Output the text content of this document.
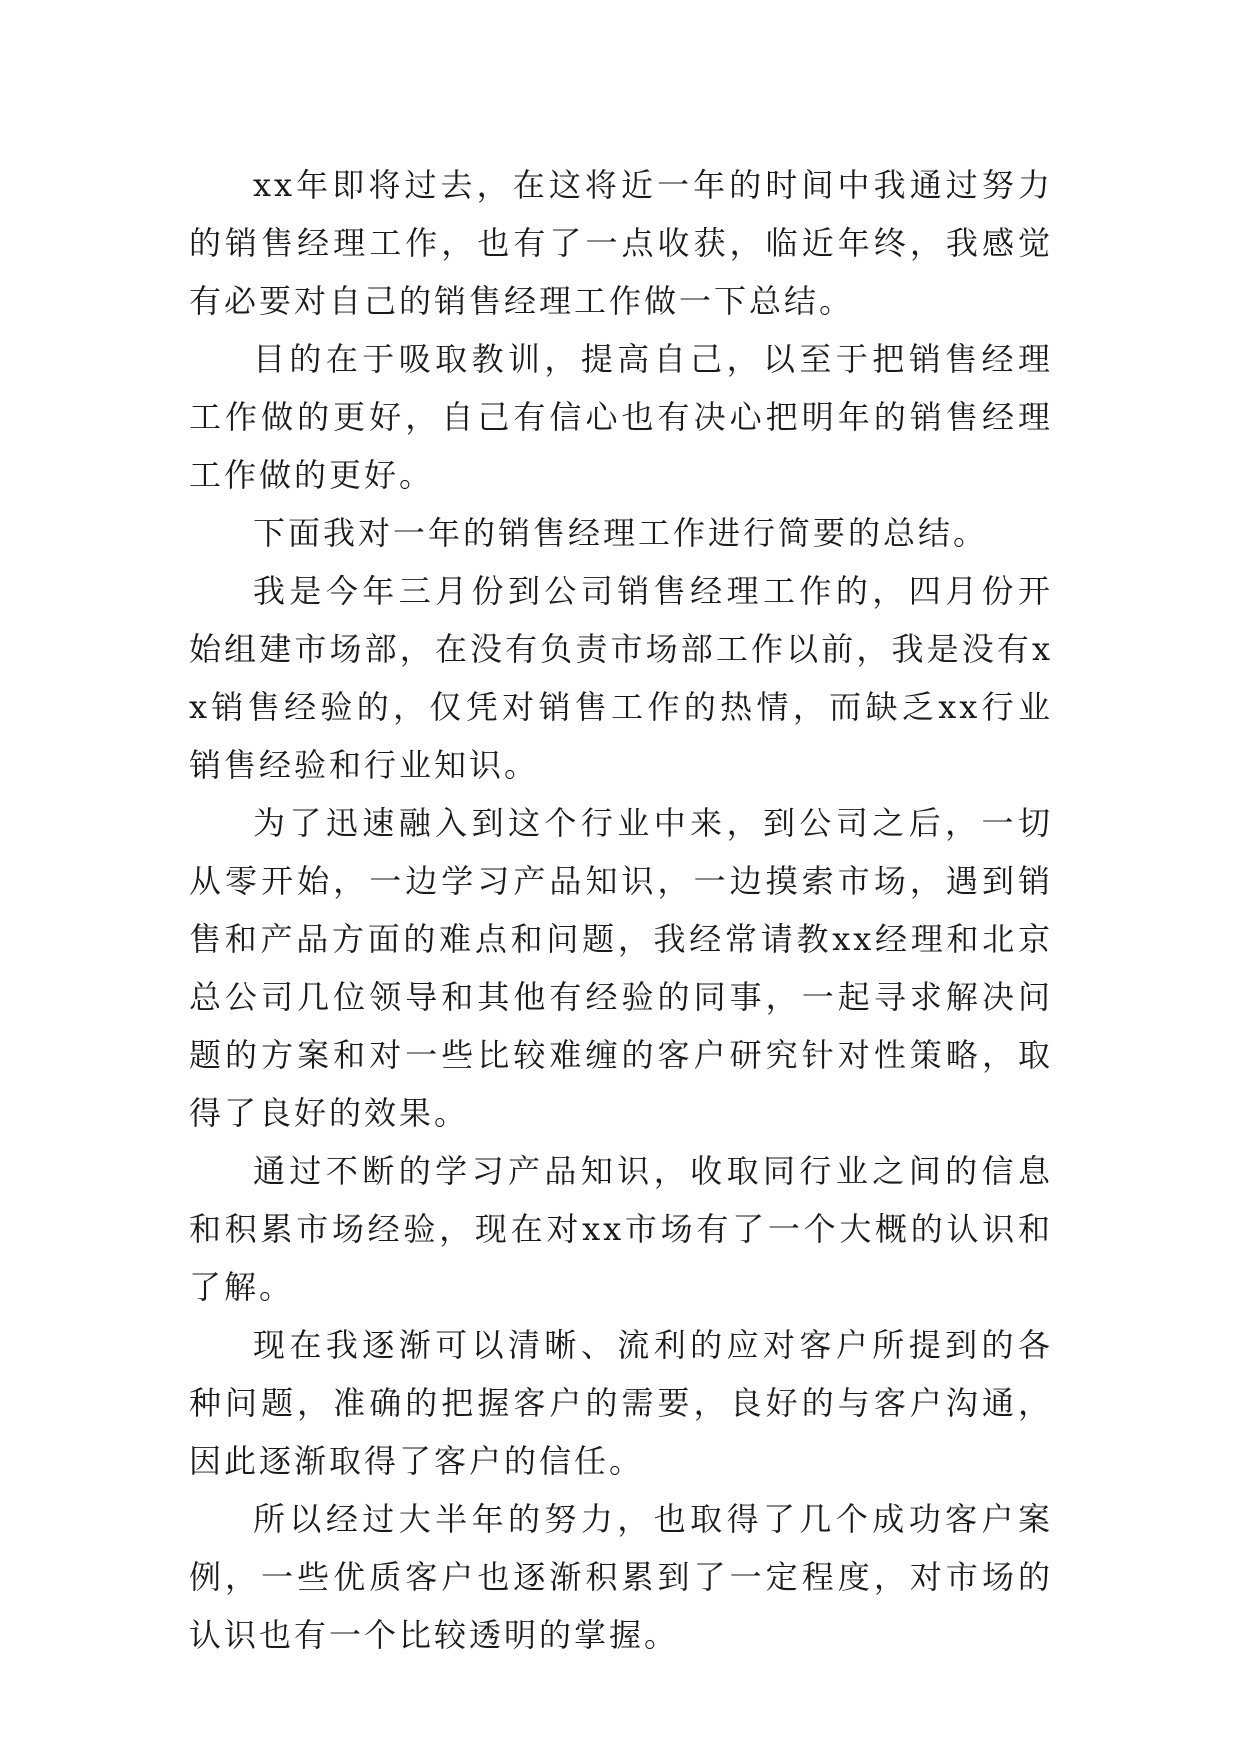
xx年即将过去，在这将近一年的时间中我通过努力的销售经理工作，也有了一点收获，临近年终，我感觉有必要对自己的销售经理工作做一下总结。

目的在于吸取教训，提高自己，以至于把销售经理工作做的更好，自己有信心也有决心把明年的销售经理工作做的更好。

下面我对一年的销售经理工作进行简要的总结。

我是今年三月份到公司销售经理工作的，四月份开始组建市场部，在没有负责市场部工作以前，我是没有xx销售经验的，仅凭对销售工作的热情，而缺乏xx行业销售经验和行业知识。

为了迅速融入到这个行业中来，到公司之后，一切从零开始，一边学习产品知识，一边摸索市场，遇到销售和产品方面的难点和问题，我经常请教xx经理和北京总公司几位领导和其他有经验的同事，一起寻求解决问题的方案和对一些比较难缠的客户研究针对性策略，取得了良好的效果。

通过不断的学习产品知识，收取同行业之间的信息和积累市场经验，现在对xx市场有了一个大概的认识和了解。

现在我逐渐可以清晰、流利的应对客户所提到的各种问题，准确的把握客户的需要，良好的与客户沟通，因此逐渐取得了客户的信任。

所以经过大半年的努力，也取得了几个成功客户案例，一些优质客户也逐渐积累到了一定程度，对市场的认识也有一个比较透明的掌握。
